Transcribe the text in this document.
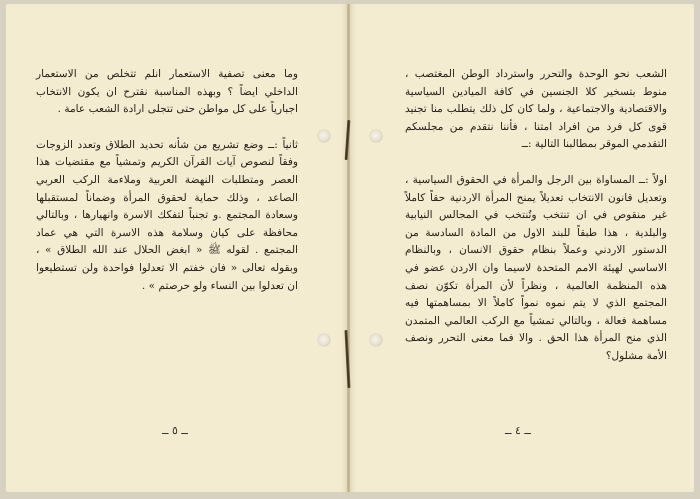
وما معنى تصفية الاستعمار انلم تتخلص من الاستعمار الداخلي ايضاً ؟ وبهذه المناسبة نقترح ان يكون الانتخاب اجبارياً على كل مواطن حتى تتجلى ارادة الشعب عامة .

ثانياً :ــ وضع تشريع من شأنه تحديد الطلاق وتعدد الزوجات وفقاً لنصوص آيات القرآن الكريم وتمشياً مع مقتضيات هذا العصر ومتطلبات النهضة العربية وملاءمة الركب العربي الصاعد ، وذلك حماية لحقوق المرأة وضماناً لمستقبلها وسعادة المجتمع .و تجنباً لتفكك الاسرة وانهيارها ، وبالتالي محافظة على كيان وسلامة هذه الاسرة التي هي عماد المجتمع . لقوله ﷺ « ابغض الحلال عند الله الطلاق » ، وبقوله تعالى « فان خفتم الا تعدلوا فواحدة ولن تستطيعوا ان تعدلوا بين النساء ولو حرصتم » .

الشعب نحو الوحدة والتحرر واسترداد الوطن المغتصب ، منوط بتسخير كلا الجنسين في كافة الميادين السياسية والاقتصادية والاجتماعية ، ولما كان كل ذلك يتطلب منا تجنيد قوى كل فرد من افراد امتنا ، فأننا نتقدم من مجلسكم التقدمي الموقر بمطالبنا التالية :ــ

اولاً :ــ المساواة بين الرجل والمرأة في الحقوق السياسية ، وتعديل قانون الانتخاب تعديلاً يمنح المرأة الاردنية حقاً كاملاً غير منقوص في ان تنتخب وتُنتخب في المجالس النيابية والبلدية ، هذا طبقاً للبند الاول من المادة السادسة من الدستور الاردني وعملاً بنظام حقوق الانسان ، وبالنظام الاساسي لهيئة الامم المتحدة لاسيما وان الاردن عضو في هذه المنظمة العالمية ، ونظراً لأن المرأة تكوّن نصف المجتمع الذي لا يتم نموه نمواً كاملاً الا بمساهمتها فيه مساهمة فعالة ، وبالتالي تمشياً مع الركب العالمي المتمدن الذي منح المرأة هذا الحق . والا فما معنى التحرر ونصف الأمة مشلول؟

ــ ٥ ــ	ــ ٤ ــ
